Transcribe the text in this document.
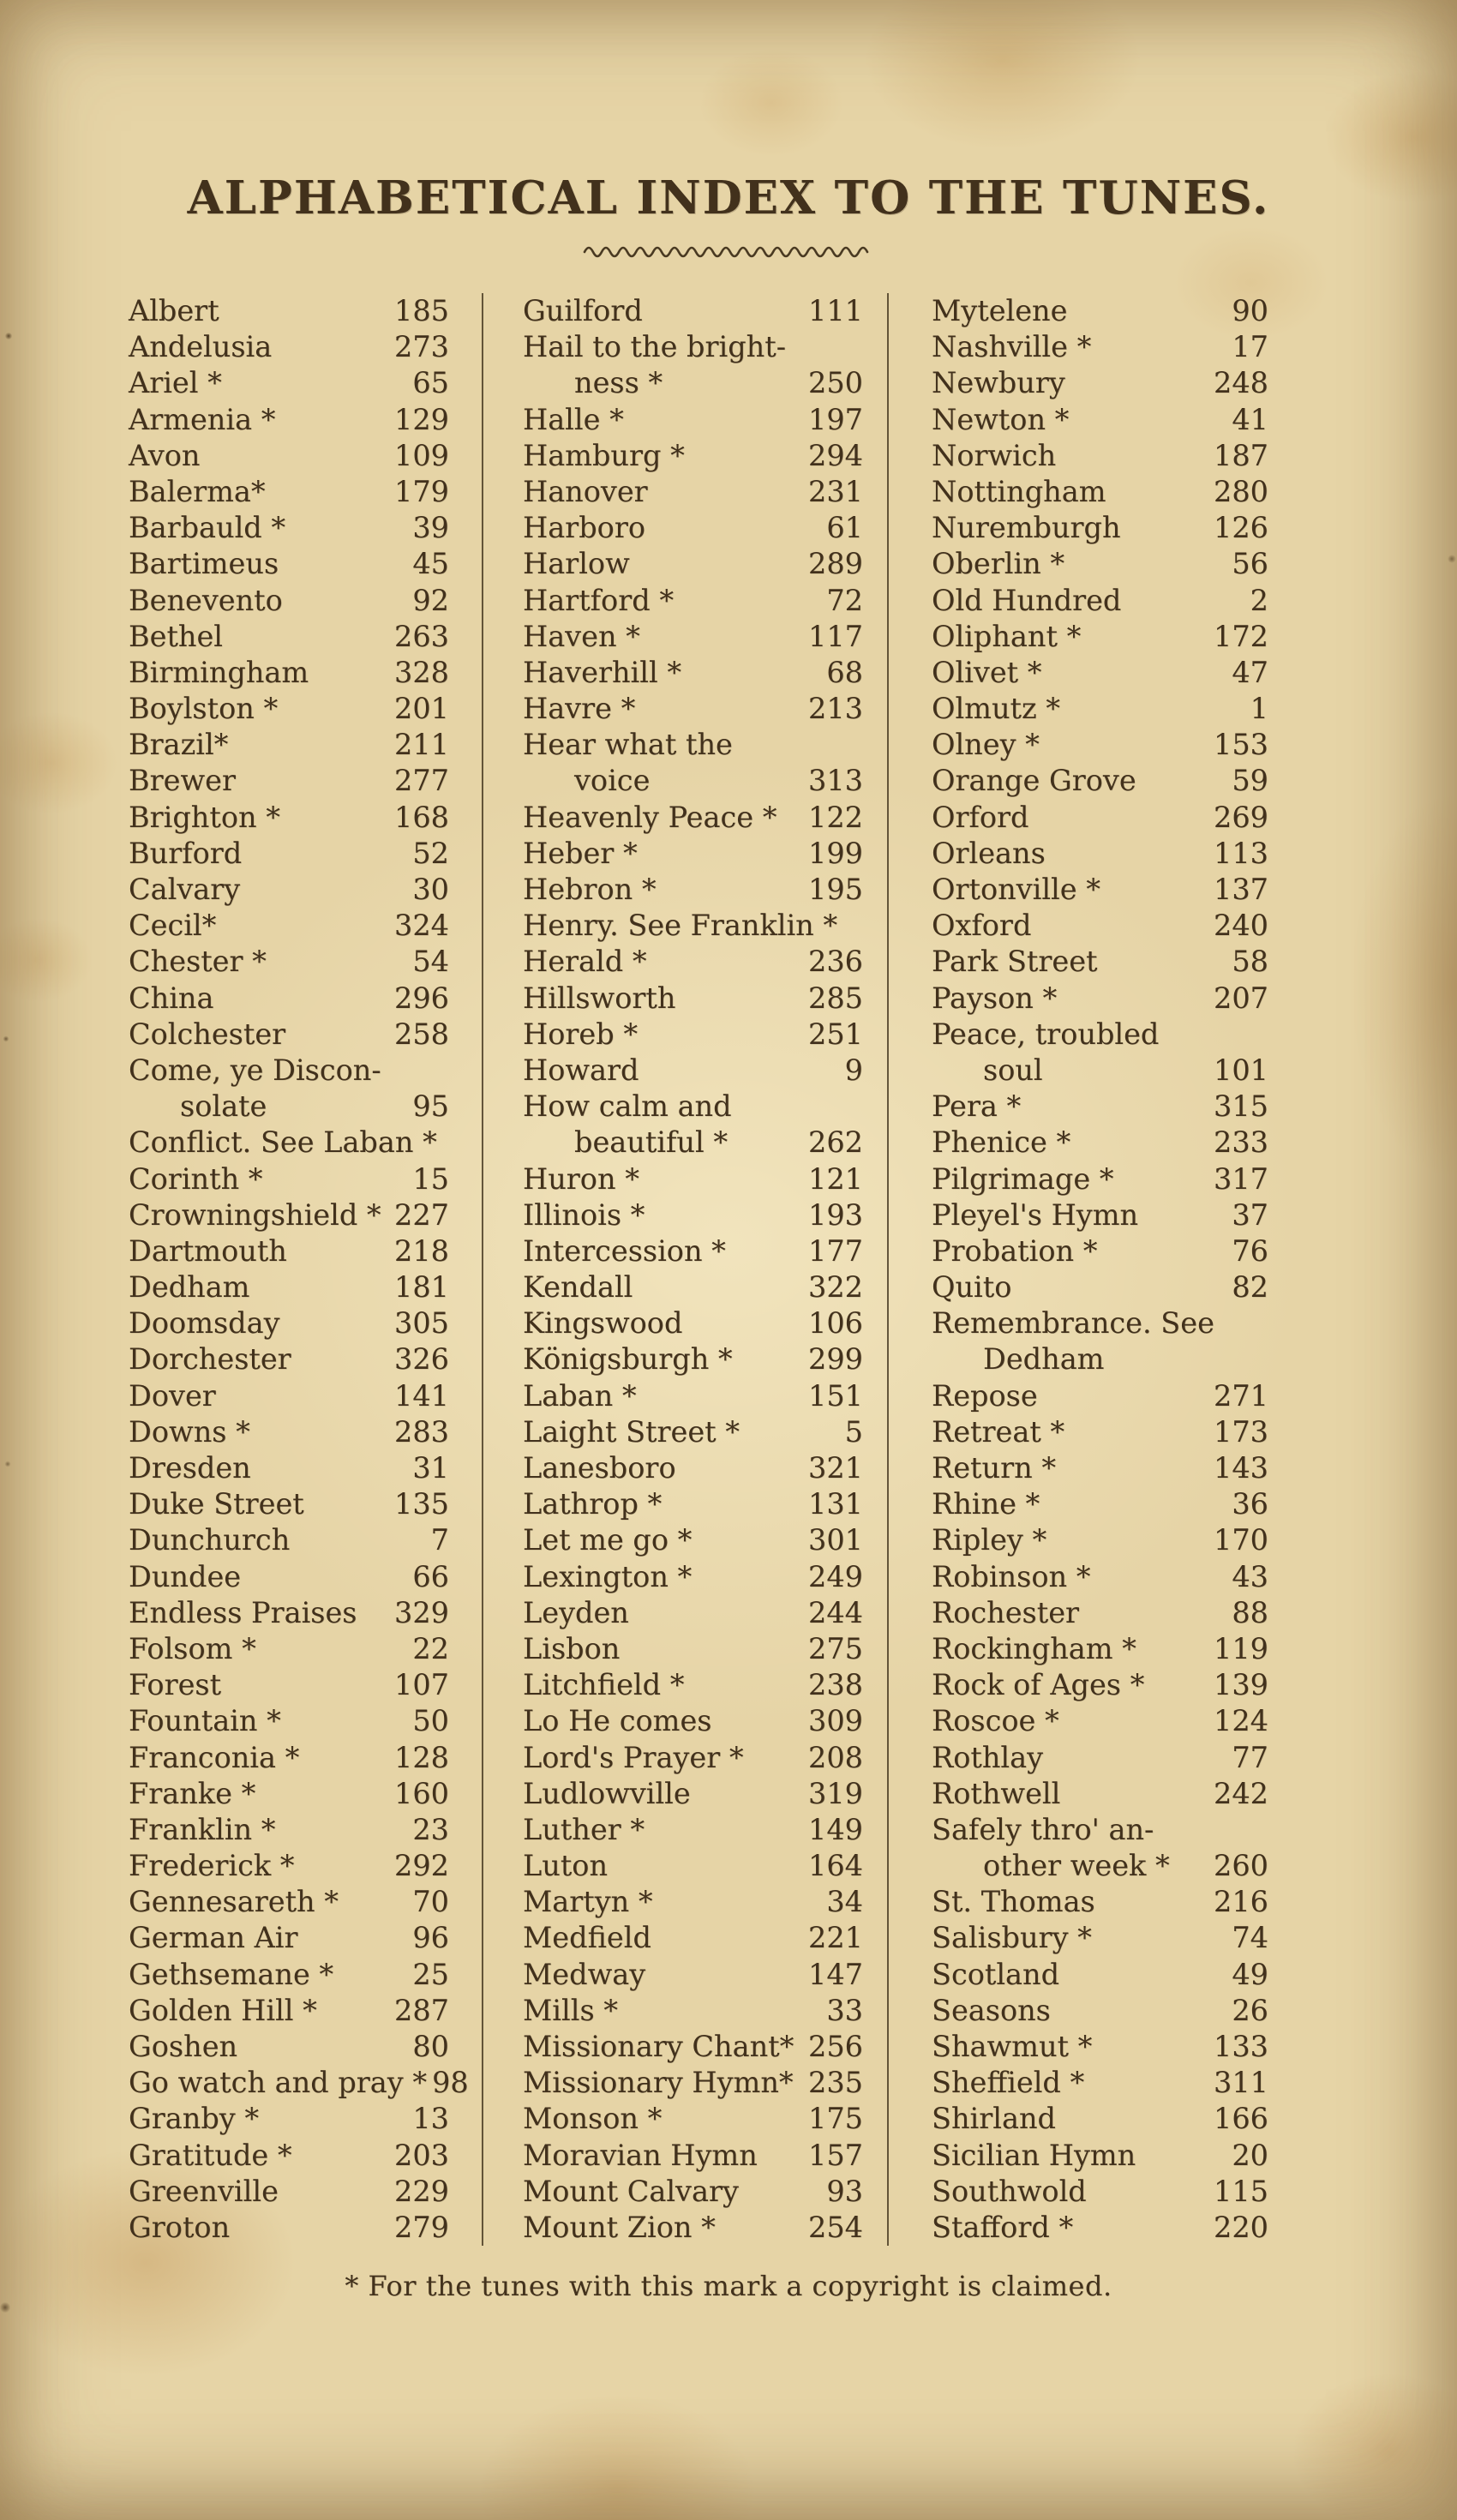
ALPHABETICAL INDEX TO THE TUNES.
Albert	185
Andelusia	273
Ariel *	65
Armenia *	129
Avon	109
Balerma*	179
Barbauld *	39
Bartimeus	45
Benevento	92
Bethel	263
Birmingham	328
Boylston *	201
Brazil*	211
Brewer	277
Brighton *	168
Burford	52
Calvary	30
Cecil*	324
Chester *	54
China	296
Colchester	258
Come, ye Discon-
solate	95
Conflict. See Laban *
Corinth *	15
Crowningshield * 227
Dartmouth	218
Dedham	181
Doomsday	305
Dorchester	326
Dover	141
Downs *	283
Dresden	31
Duke Street	135
Dunchurch	7
Dundee	66
Endless Praises 329
Folsom *	22
Forest	107
Fountain *	50
Franconia *	128
Franke *	160
Franklin *	23
Frederick *	292
Gennesareth *	70
German Air	96
Gethsemane *	25
Golden Hill *	287
Goshen	80
Go watch and pray * 98
Granby *	13
Gratitude *	203
Greenville	229
Groton	279
Guilford	111
Hail to the bright-
ness *	250
Halle *	197
Hamburg *	294
Hanover	231
Harboro	61
Harlow	289
Hartford *	72
Haven *	117
Haverhill *	68
Havre *	213
Hear what the
voice	313
Heavenly Peace * 122
Heber *	199
Hebron *	195
Henry. See Franklin *
Herald *	236
Hillsworth	285
Horeb *	251
Howard	9
How calm and
beautiful *	262
Huron *	121
Illinois *	193
Intercession *	177
Kendall	322
Kingswood	106
Königsburgh *	299
Laban *	151
Laight Street *	5
Lanesboro	321
Lathrop *	131
Let me go *	301
Lexington *	249
Leyden	244
Lisbon	275
Litchfield *	238
Lo He comes	309
Lord's Prayer * 208
Ludlowville	319
Luther *	149
Luton	164
Martyn *	34
Medfield	221
Medway	147
Mills *	33
Missionary Chant* 256
Missionary Hymn* 235
Monson *	175
Moravian Hymn 157
Mount Calvary	93
Mount Zion *	254
Mytelene	90
Nashville *	17
Newbury	248
Newton *	41
Norwich	187
Nottingham	280
Nuremburgh	126
Oberlin *	56
Old Hundred	2
Oliphant *	172
Olivet *	47
Olmutz *	1
Olney *	153
Orange Grove	59
Orford	269
Orleans	113
Ortonville *	137
Oxford	240
Park Street	58
Payson *	207
Peace, troubled
soul	101
Pera *	315
Phenice *	233
Pilgrimage *	317
Pleyel's Hymn	37
Probation *	76
Quito	82
Remembrance. See
Dedham
Repose	271
Retreat *	173
Return *	143
Rhine *	36
Ripley *	170
Robinson *	43
Rochester	88
Rockingham *	119
Rock of Ages * 139
Roscoe *	124
Rothlay	77
Rothwell	242
Safely thro' an-
other week * 260
St. Thomas	216
Salisbury *	74
Scotland	49
Seasons	26
Shawmut *	133
Sheffield *	311
Shirland	166
Sicilian Hymn	20
Southwold	115
Stafford *	220
* For the tunes with this mark a copyright is claimed.
